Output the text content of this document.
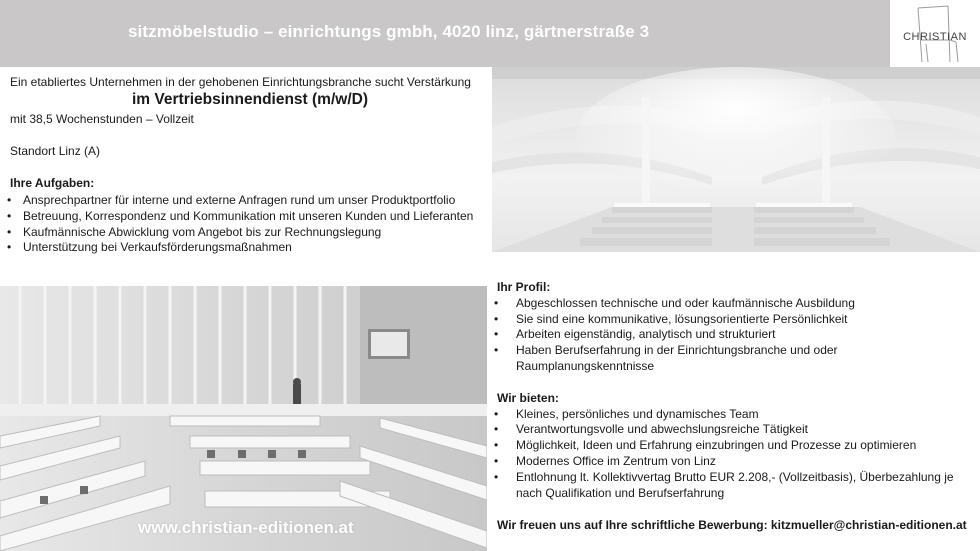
sitzmöbelstudio – einrichtungs gmbh, 4020 linz, gärtnerstraße 3	CHRISTIAN
Ein etabliertes Unternehmen in der gehobenen Einrichtungsbranche sucht Verstärkung
im Vertriebsinnendienst (m/w/D)
mit 38,5 Wochenstunden – Vollzeit
Standort Linz (A)
Ihre Aufgaben:
• Ansprechpartner für interne und externe Anfragen rund um unser Produktportfolio
• Betreuung, Korrespondenz und Kommunikation mit unseren Kunden und Lieferanten
• Kaufmännische Abwicklung vom Angebot bis zur Rechnungslegung
• Unterstützung bei Verkaufsförderungsmaßnahmen
Ihr Profil:
• Abgeschlossen technische und oder kaufmännische Ausbildung
• Sie sind eine kommunikative, lösungsorientierte Persönlichkeit
• Arbeiten eigenständig, analytisch und strukturiert
• Haben Berufserfahrung in der Einrichtungsbranche und oder Raumplanungskenntnisse
Wir bieten:
• Kleines, persönliches und dynamisches Team
• Verantwortungsvolle und abwechslungsreiche Tätigkeit
• Möglichkeit, Ideen und Erfahrung einzubringen und Prozesse zu optimieren
• Modernes Office im Zentrum von Linz
• Entlohnung lt. Kollektivvertag Brutto EUR 2.208,- (Vollzeitbasis), Überbezahlung je nach Qualifikation und Berufserfahrung
Wir freuen uns auf Ihre schriftliche Bewerbung: kitzmueller@christian-editionen.at
www.christian-editionen.at
